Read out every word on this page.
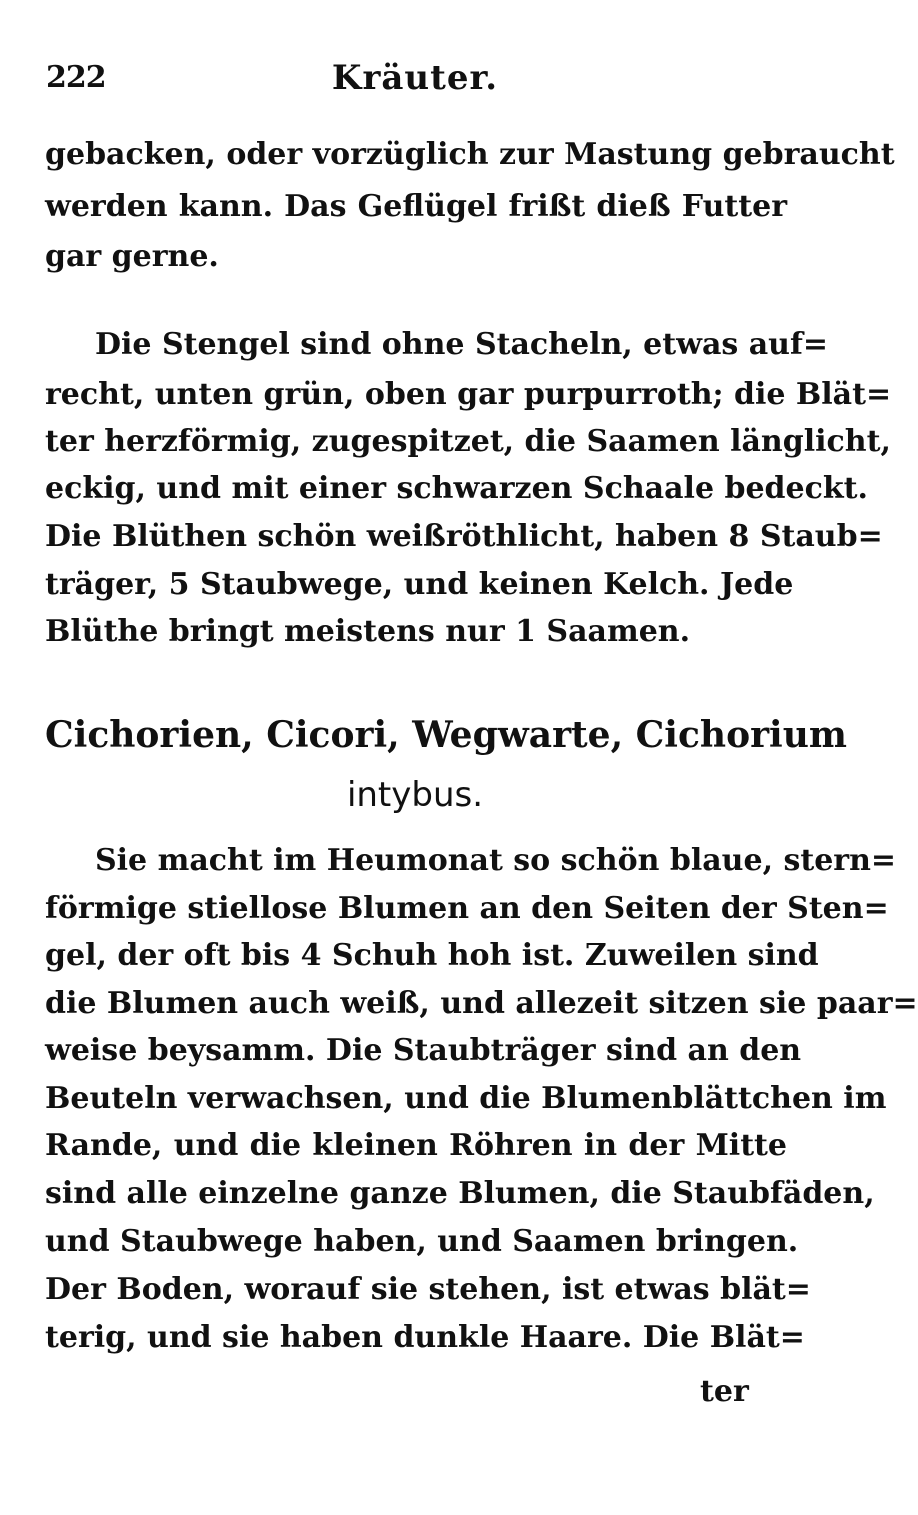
222	Kräuter.
gebacken, oder vorzüglich zur Mastung gebraucht
werden kann. Das Geflügel frißt dieß Futter
gar gerne.
Die Stengel sind ohne Stacheln, etwas auf=
recht, unten grün, oben gar purpurroth; die Blät=
ter herzförmig, zugespitzet, die Saamen länglicht,
eckig, und mit einer schwarzen Schaale bedeckt.
Die Blüthen schön weißröthlicht, haben 8 Staub=
träger, 5 Staubwege, und keinen Kelch. Jede
Blüthe bringt meistens nur 1 Saamen.
Cichorien, Cicori, Wegwarte, Cichorium
intybus.
Sie macht im Heumonat so schön blaue, stern=
förmige stiellose Blumen an den Seiten der Sten=
gel, der oft bis 4 Schuh hoh ist. Zuweilen sind
die Blumen auch weiß, und allezeit sitzen sie paar=
weise beysamm. Die Staubträger sind an den
Beuteln verwachsen, und die Blumenblättchen im
Rande, und die kleinen Röhren in der Mitte
sind alle einzelne ganze Blumen, die Staubfäden,
und Staubwege haben, und Saamen bringen.
Der Boden, worauf sie stehen, ist etwas blät=
terig, und sie haben dunkle Haare. Die Blät=
ter
